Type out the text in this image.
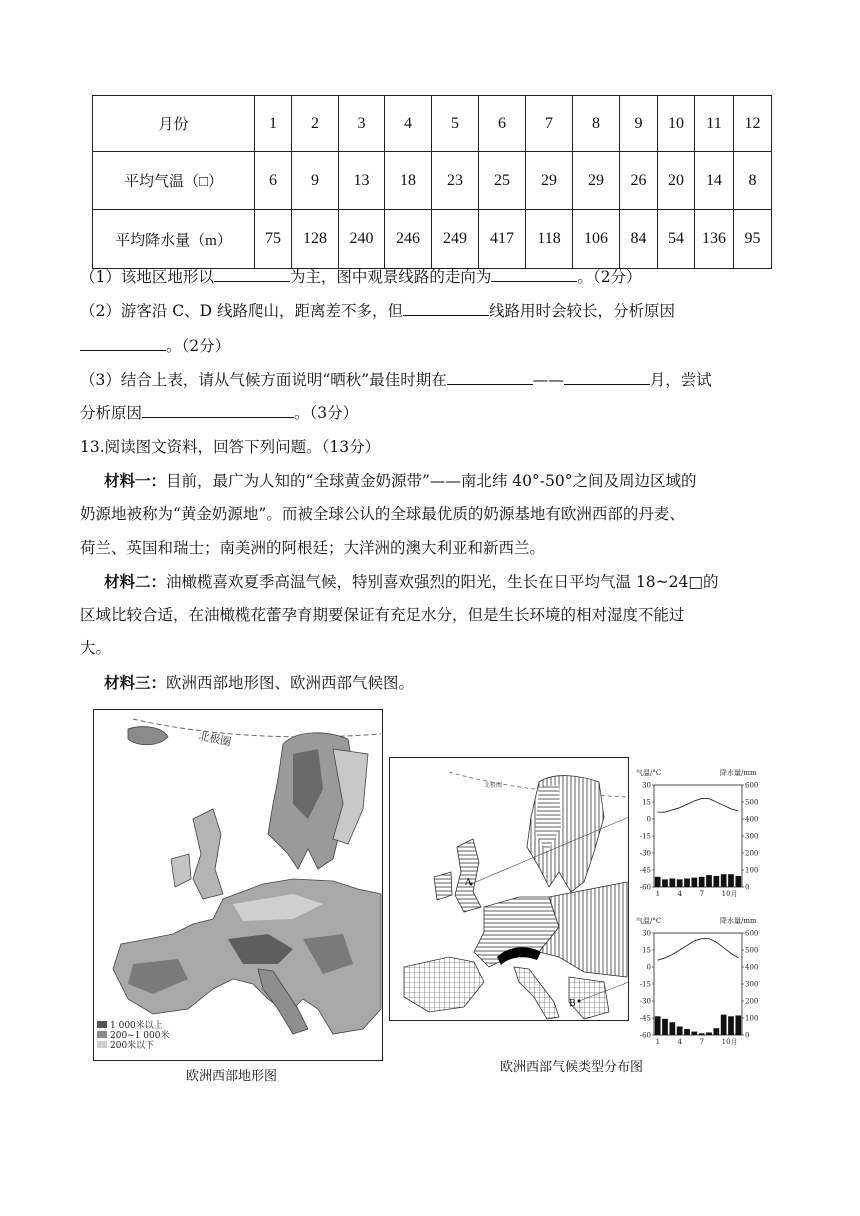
月份	1	2	3	4	5	6	7	8	9	10	11	12
平均气温（□）	6	9	13	18	23	25	29	29	26	20	14	8
平均降水量（m）	75	128	240	246	249	417	118	106	84	54	136	95
（1）该地区地形以	为主，图中观景线路的走向为	。（2分）
（2）游客沿 C、D 线路爬山，距离差不多，但	线路用时会较长，分析原因
。（2分）
（3）结合上表，请从气候方面说明“晒秋”最佳时期在	——	月，尝试
分析原因	。（3分）
13.阅读图文资料，回答下列问题。（13分）
材料一：目前，最广为人知的“全球黄金奶源带”——南北纬 40°-50°之间及周边区域的
奶源地被称为“黄金奶源地”。而被全球公认的全球最优质的奶源基地有欧洲西部的丹麦、
荷兰、英国和瑞士；南美洲的阿根廷；大洋洲的澳大利亚和新西兰。
材料二：油橄榄喜欢夏季高温气候，特别喜欢强烈的阳光，生长在日平均气温 18~24□的
区域比较合适，在油橄榄花蕾孕育期要保证有充足水分，但是生长环境的相对湿度不能过
大。
材料三：欧洲西部地形图、欧洲西部气候图。
北极圈
1 000米以上
200~1 000米
200米以下
欧洲西部地形图
北极圈
A
B
欧洲西部气候类型分布图
气温/°C	降水量/mm
30
15
0
-15
-30
-45
-60
600
500
400
300
200
100
0
1	4	7	10月
气温/°C	降水量/mm
30
15
0
-15
-30
-45
-60
600
500
400
300
200
100
0
1	4	7	10月
